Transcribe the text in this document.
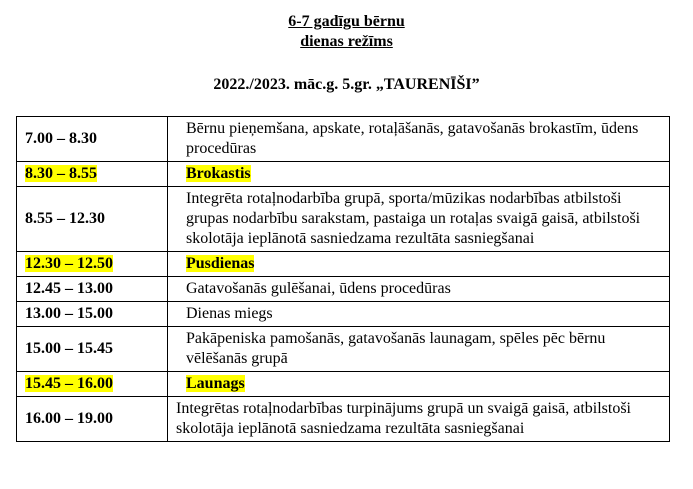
6-7 gadīgu bērnu
dienas režīms
2022./2023. māc.g. 5.gr. „TAURENĪŠI”
7.00 – 8.30	Bērnu pieņemšana, apskate, rotaļāšanās, gatavošanās brokastīm, ūdens procedūras
8.30 – 8.55	Brokastis
8.55 – 12.30	Integrēta rotaļnodarbība grupā, sporta/mūzikas nodarbības atbilstoši grupas nodarbību sarakstam, pastaiga un rotaļas svaigā gaisā, atbilstoši skolotāja ieplānotā sasniedzama rezultāta sasniegšanai
12.30 – 12.50	Pusdienas
12.45 – 13.00	Gatavošanās gulēšanai, ūdens procedūras
13.00 – 15.00	Dienas miegs
15.00 – 15.45	Pakāpeniska pamošanās, gatavošanās launagam, spēles pēc bērnu vēlēšanās grupā
15.45 – 16.00	Launags
16.00 – 19.00	Integrētas rotaļnodarbības turpinājums grupā un svaigā gaisā, atbilstoši skolotāja ieplānotā sasniedzama rezultāta sasniegšanai
